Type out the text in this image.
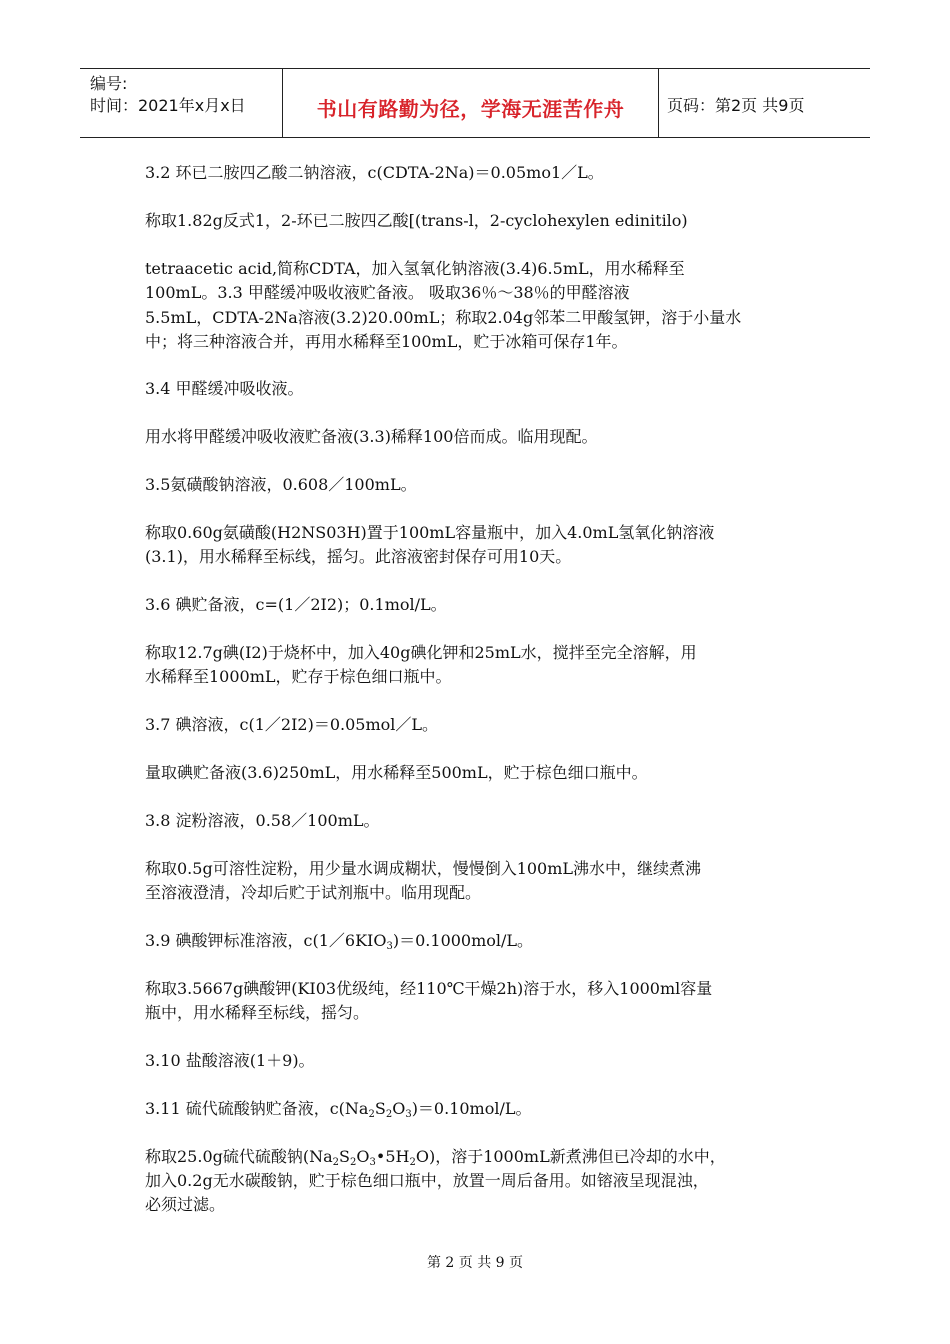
编号:
时间：2021年x月x日	书山有路勤为径，学海无涯苦作舟	页码：第2页 共9页
3.2 环已二胺四乙酸二钠溶液，c(CDTA-2Na)＝0.05mo1／L。
称取1.82g反式1，2-环已二胺四乙酸[(trans-l，2-cyclohexylen edinitilo)
tetraacetic acid,简称CDTA，加入氢氧化钠溶液(3.4)6.5mL，用水稀释至
100mL。3.3 甲醛缓冲吸收液贮备液。 吸取36％～38％的甲醛溶液
5.5mL，CDTA-2Na溶液(3.2)20.00mL；称取2.04g邻苯二甲酸氢钾，溶于小量水
中；将三种溶液合并，再用水稀释至100mL，贮于冰箱可保存1年。
3.4 甲醛缓冲吸收液。
用水将甲醛缓冲吸收液贮备液(3.3)稀释100倍而成。临用现配。
3.5氨磺酸钠溶液，0.608／100mL。
称取0.60g氨磺酸(H2NS03H)置于100mL容量瓶中，加入4.0mL氢氧化钠溶液
(3.1)，用水稀释至标线，摇匀。此溶液密封保存可用10天。
3.6 碘贮备液，c=(1／2I2)；0.1mol/L。
称取12.7g碘(I2)于烧杯中，加入40g碘化钾和25mL水，搅拌至完全溶解，用
水稀释至1000mL，贮存于棕色细口瓶中。
3.7 碘溶液，c(1／2I2)＝0.05mol／L。
量取碘贮备液(3.6)250mL，用水稀释至500mL，贮于棕色细口瓶中。
3.8 淀粉溶液，0.58／100mL。
称取0.5g可溶性淀粉，用少量水调成糊状，慢慢倒入100mL沸水中，继续煮沸
至溶液澄清，冷却后贮于试剂瓶中。临用现配。
3.9 碘酸钾标准溶液，$c(1/6KIO_3)=0.1000mol/L$。
称取3.5667g碘酸钾(KI03优级纯，经110℃干燥2h)溶于水，移入1000ml容量
瓶中，用水稀释至标线，摇匀。
3.10 盐酸溶液(1＋9)。
3.11 硫代硫酸钠贮备液，$c(Na_2S_2O_3)=0.10mol/L$。
称取25.0g硫代硫酸钠$(Na_2S_2O_3•5H_2O)$，溶于1000mL新煮沸但已冷却的水中，
加入0.2g无水碳酸钠，贮于棕色细口瓶中，放置一周后备用。如镕液呈现混浊，
必须过滤。
第 2 页 共 9 页
